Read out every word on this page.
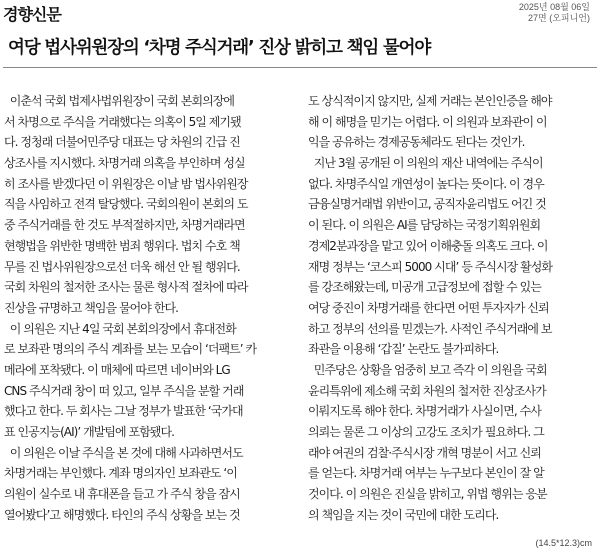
경향신문	2025년 08월 06일
27면 (오피니언)
여당 법사위원장의 ‘차명 주식거래’ 진상 밝히고 책임 물어야
이춘석 국회 법제사법위원장이 국회 본회의장에
서 차명으로 주식을 거래했다는 의혹이 5일 제기됐
다. 정청래 더불어민주당 대표는 당 차원의 긴급 진
상조사를 지시했다. 차명거래 의혹을 부인하며 성실
히 조사를 받겠다던 이 위원장은 이날 밤 법사위원장
직을 사임하고 전격 탈당했다. 국회의원이 본회의 도
중 주식거래를 한 것도 부적절하지만, 차명거래라면
현행법을 위반한 명백한 범죄 행위다. 법치 수호 책
무를 진 법사위원장으로선 더욱 해선 안 될 행위다.
국회 차원의 철저한 조사는 물론 형사적 절차에 따라
진상을 규명하고 책임을 물어야 한다.
이 의원은 지난 4일 국회 본회의장에서 휴대전화
로 보좌관 명의의 주식 계좌를 보는 모습이 ‘더팩트’ 카
메라에 포착됐다. 이 매체에 따르면 네이버와 LG
CNS 주식거래 창이 떠 있고, 일부 주식을 분할 거래
했다고 한다. 두 회사는 그날 정부가 발표한 ‘국가대
표 인공지능(AI)’ 개발팀에 포함됐다.
이 의원은 이날 주식을 본 것에 대해 사과하면서도
차명거래는 부인했다. 계좌 명의자인 보좌관도 ‘이
의원이 실수로 내 휴대폰을 들고 가 주식 창을 잠시
열어봤다’고 해명했다. 타인의 주식 상황을 보는 것
도 상식적이지 않지만, 실제 거래는 본인인증을 해야
해 이 해명을 믿기는 어렵다. 이 의원과 보좌관이 이
익을 공유하는 경제공동체라도 된다는 것인가.
지난 3월 공개된 이 의원의 재산 내역에는 주식이
없다. 차명주식일 개연성이 높다는 뜻이다. 이 경우
금융실명거래법 위반이고, 공직자윤리법도 어긴 것
이 된다. 이 의원은 AI를 담당하는 국정기획위원회
경제2분과장을 맡고 있어 이해충돌 의혹도 크다. 이
재명 정부는 ‘코스피 5000 시대’ 등 주식시장 활성화
를 강조해왔는데, 미공개 고급정보에 접할 수 있는
여당 중진이 차명거래를 한다면 어떤 투자자가 신뢰
하고 정부의 선의를 믿겠는가. 사적인 주식거래에 보
좌관을 이용해 ‘갑질’ 논란도 불가피하다.
민주당은 상황을 엄중히 보고 즉각 이 의원을 국회
윤리특위에 제소해 국회 차원의 철저한 진상조사가
이뤄지도록 해야 한다. 차명거래가 사실이면, 수사
의뢰는 물론 그 이상의 고강도 조치가 필요하다. 그
래야 여권의 검찰·주식시장 개혁 명분이 서고 신뢰
를 얻는다. 차명거래 여부는 누구보다 본인이 잘 알
것이다. 이 의원은 진실을 밝히고, 위법 행위는 응분
의 책임을 지는 것이 국민에 대한 도리다.
(14.5*12.3)cm
